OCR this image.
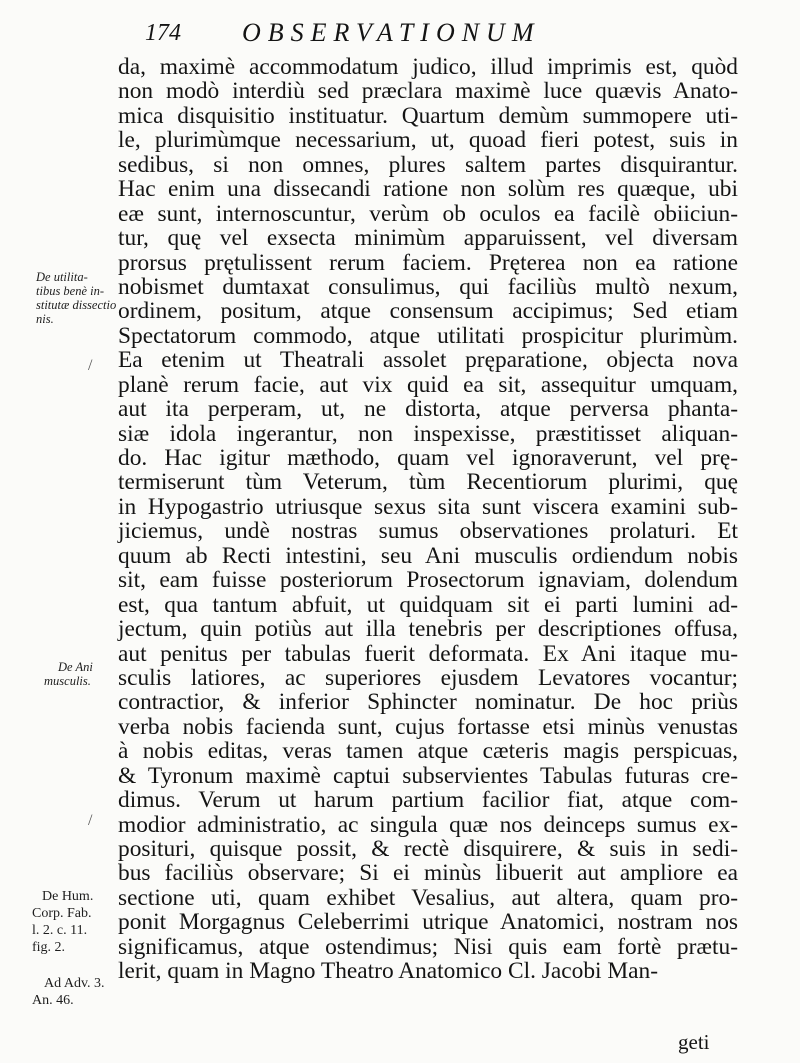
174 OBSERVATIONUM
da, maximè accommodatum judico, illud imprimis est, quòd
non modò interdiù sed præclara maximè luce quævis Anato-
mica disquisitio instituatur. Quartum demùm summopere uti-
le, plurimùmque necessarium, ut, quoad fieri potest, suis in
sedibus, si non omnes, plures saltem partes disquirantur.
Hac enim una dissecandi ratione non solùm res quæque, ubi
eæ sunt, internoscuntur, verùm ob oculos ea facilè obiiciun-
tur, quę vel exsecta minimùm apparuissent, vel diversam
prorsus prętulissent rerum faciem. Pręterea non ea ratione
nobismet dumtaxat consulimus, qui faciliùs multò nexum,
ordinem, positum, atque consensum accipimus; Sed etiam
Spectatorum commodo, atque utilitati prospicitur plurimùm.
Ea etenim ut Theatrali assolet pręparatione, objecta nova
planè rerum facie, aut vix quid ea sit, assequitur umquam,
aut ita perperam, ut, ne distorta, atque perversa phanta-
siæ idola ingerantur, non inspexisse, præstitisset aliquan-
do. Hac igitur mæthodo, quam vel ignoraverunt, vel prę-
termiserunt tùm Veterum, tùm Recentiorum plurimi, quę
in Hypogastrio utriusque sexus sita sunt viscera examini sub-
jiciemus, undè nostras sumus observationes prolaturi. Et
quum ab Recti intestini, seu Ani musculis ordiendum nobis
sit, eam fuisse posteriorum Prosectorum ignaviam, dolendum
est, qua tantum abfuit, ut quidquam sit ei parti lumini ad-
jectum, quin potiùs aut illa tenebris per descriptiones offusa,
aut penitus per tabulas fuerit deformata. Ex Ani itaque mu-
sculis latiores, ac superiores ejusdem Levatores vocantur;
contractior, & inferior Sphincter nominatur. De hoc priùs
verba nobis facienda sunt, cujus fortasse etsi minùs venustas
à nobis editas, veras tamen atque cæteris magis perspicuas,
& Tyronum maximè captui subservientes Tabulas futuras cre-
dimus. Verum ut harum partium facilior fiat, atque com-
modior administratio, ac singula quæ nos deinceps sumus ex-
posituri, quisque possit, & rectè disquirere, & suis in sedi-
bus faciliùs observare; Si ei minùs libuerit aut ampliore ea
sectione uti, quam exhibet Vesalius, aut altera, quam pro-
ponit Morgagnus Celeberrimi utrique Anatomici, nostram nos
significamus, atque ostendimus; Nisi quis eam fortè prætu-
lerit, quam in Magno Theatro Anatomico Cl. Jacobi Man-
geti
De utilita-
tibus benè in-
stitutæ dissectio
nis.
De Ani
musculis.
De Hum.
Corp. Fab.
l. 2. c. 11.
fig. 2.
Ad Adv. 3.
An. 46.
/
/
